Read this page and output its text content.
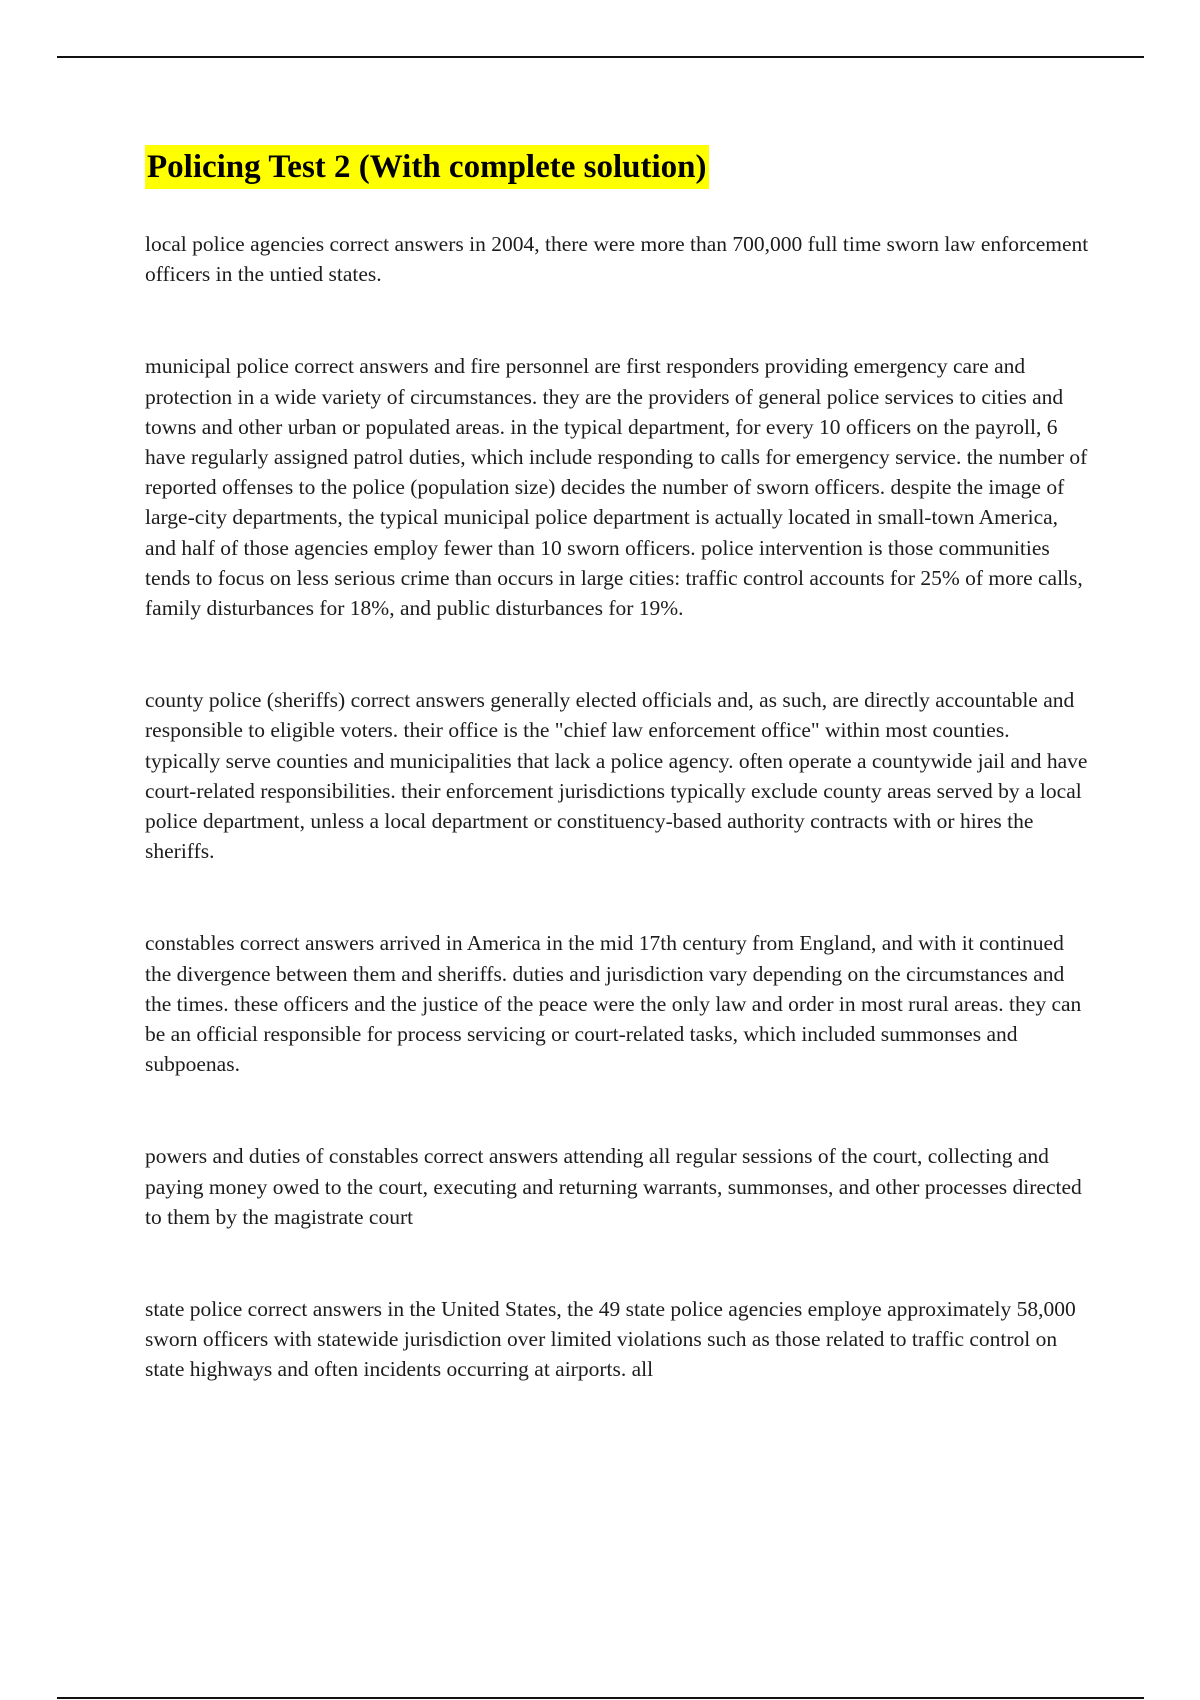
Policing Test 2 (With complete solution)

local police agencies correct answers in 2004, there were more than 700,000 full time sworn law enforcement officers in the untied states.

municipal police correct answers and fire personnel are first responders providing emergency care and protection in a wide variety of circumstances. they are the providers of general police services to cities and towns and other urban or populated areas. in the typical department, for every 10 officers on the payroll, 6 have regularly assigned patrol duties, which include responding to calls for emergency service. the number of reported offenses to the police (population size) decides the number of sworn officers. despite the image of large-city departments, the typical municipal police department is actually located in small-town America, and half of those agencies employ fewer than 10 sworn officers. police intervention is those communities tends to focus on less serious crime than occurs in large cities: traffic control accounts for 25% of more calls, family disturbances for 18%, and public disturbances for 19%.

county police (sheriffs) correct answers generally elected officials and, as such, are directly accountable and responsible to eligible voters. their office is the "chief law enforcement office" within most counties. typically serve counties and municipalities that lack a police agency. often operate a countywide jail and have court-related responsibilities. their enforcement jurisdictions typically exclude county areas served by a local police department, unless a local department or constituency-based authority contracts with or hires the sheriffs.

constables correct answers arrived in America in the mid 17th century from England, and with it continued the divergence between them and sheriffs. duties and jurisdiction vary depending on the circumstances and the times. these officers and the justice of the peace were the only law and order in most rural areas. they can be an official responsible for process servicing or court-related tasks, which included summonses and subpoenas.

powers and duties of constables correct answers attending all regular sessions of the court, collecting and paying money owed to the court, executing and returning warrants, summonses, and other processes directed to them by the magistrate court

state police correct answers in the United States, the 49 state police agencies employe approximately 58,000 sworn officers with statewide jurisdiction over limited violations such as those related to traffic control on state highways and often incidents occurring at airports. all
